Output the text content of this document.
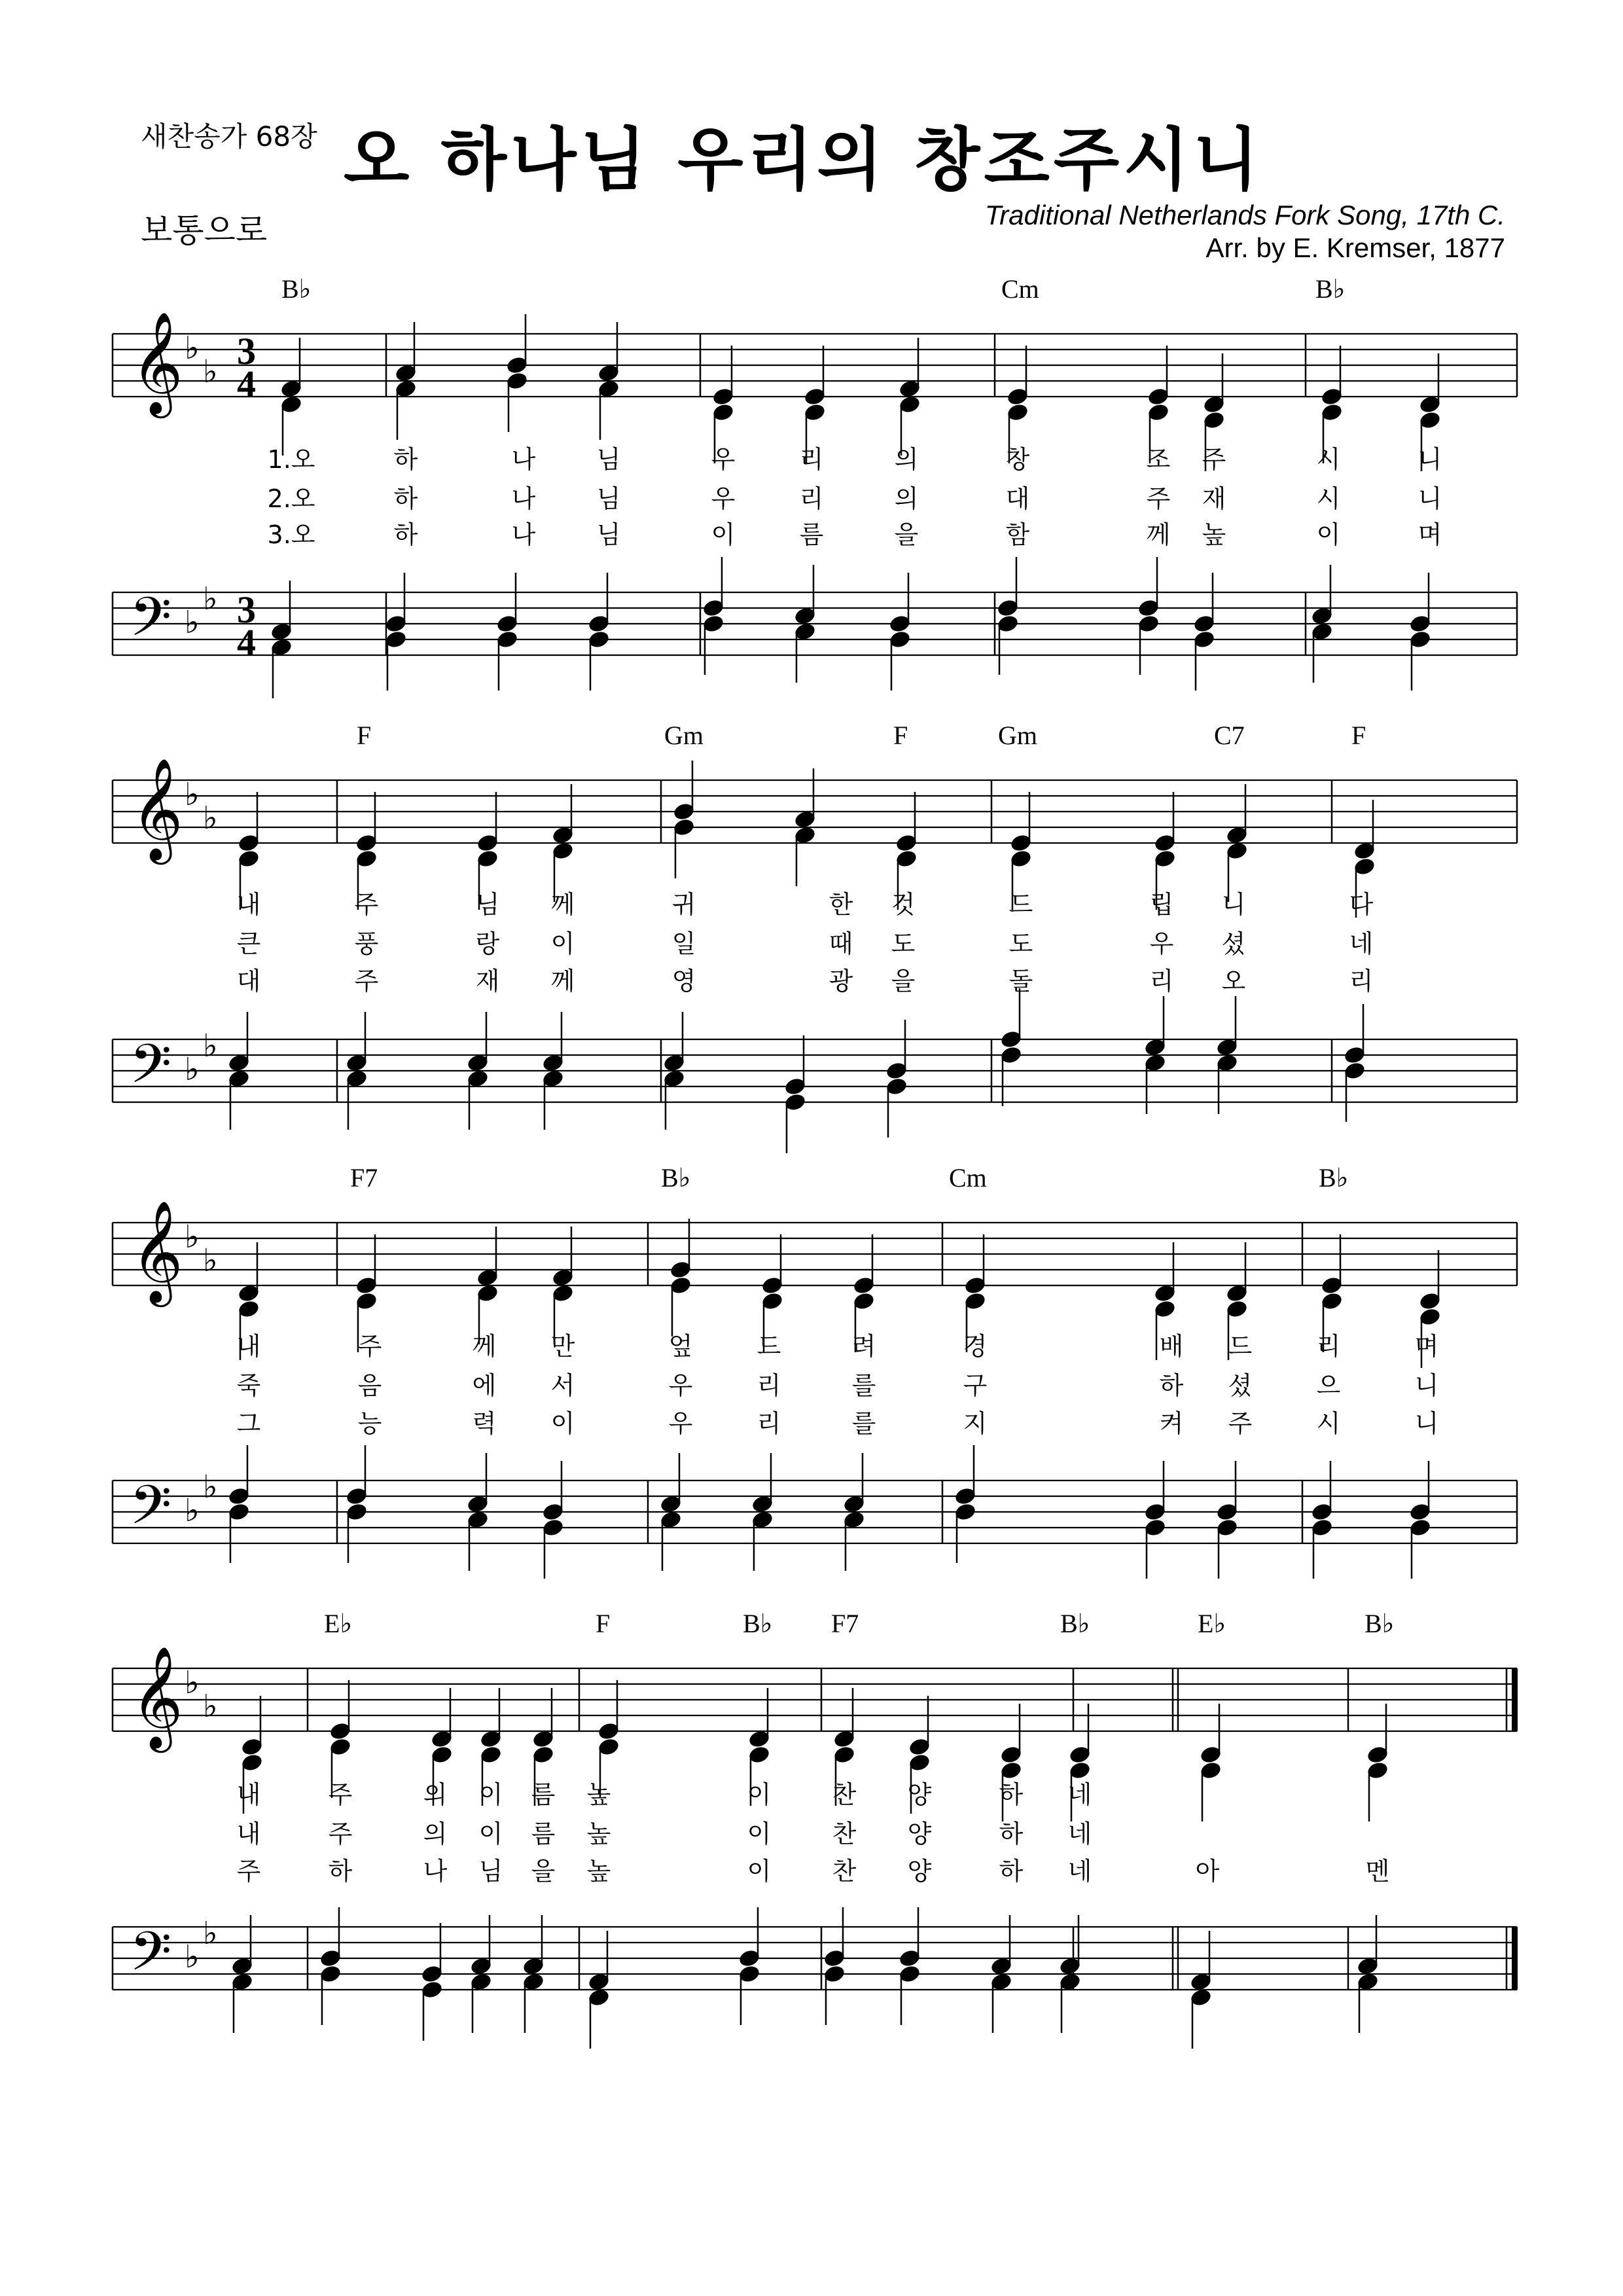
새찬송가 68장 오 하나님 우리의 창조주시니
보통으로	Traditional Netherlands Fork Song, 17th C.
Arr. by E. Kremser, 1877
𝄞 ♭
♭ 3
4
𝄢 ♭
♭ 3
4
B♭	Cm	B♭
1.오	하	나 님	우	리	의	창	조 주	시	니
2.오	하	나 님	우	리	의	대	주 재	시	니
3.오	하	나 님	이	름	을	함	께 높	이	며
𝄞 ♭
♭
𝄢 ♭
♭
F	Gm	F	Gm	C7	F
내	주	님 께	귀	한 것	드	립 니	다
큰	풍	랑 이	일	때 도	도	우 셨	네
대	주	재 께	영	광 을	돌	리 오	리
𝄞 ♭
♭
𝄢 ♭
♭
F7	B♭	Cm	B♭
내	주	께 만	엎	드	려	경	배 드	리	며
죽	음	에 서	우	리	를	구	하 셨	으	니
그	능	력 이	우	리	를	지	켜 주	시	니
𝄞 ♭
♭
𝄢 ♭
♭
E♭	F	B♭ F7	B♭	E♭	B♭
내	주	의 이 름 높	이 찬 양	하 네
내	주	의 이 름 높	이 찬 양	하 네
주	하	나 님 을 높	이 찬 양	하 네	아	멘
